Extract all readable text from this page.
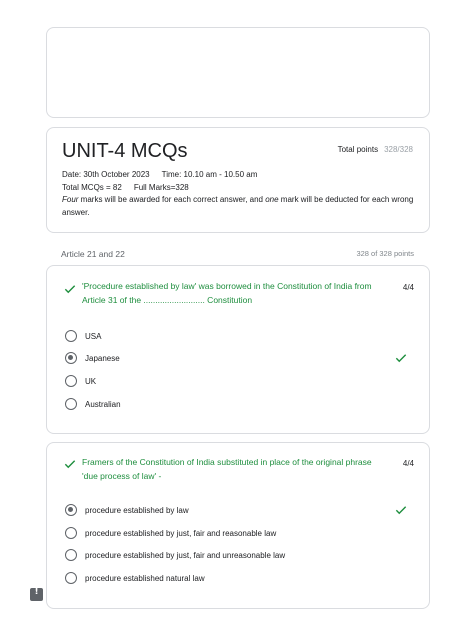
UNIT-4 MCQs	Total points 328/328
Date: 30th October 2023 Time: 10.10 am - 10.50 am
Total MCQs = 82 Full Marks=328
Four marks will be awarded for each correct answer, and one mark will be deducted for each wrong answer.
Article 21 and 22	328 of 328 points
'Procedure established by law' was borrowed in the Constitution of India from Article 31 of the .......................... Constitution
4/4
USA
Japanese
UK
Australian
Framers of the Constitution of India substituted in place of the original phrase 'due process of law' -
4/4
procedure established by law
procedure established by just, fair and reasonable law
procedure established by just, fair and unreasonable law
procedure established natural law
!
